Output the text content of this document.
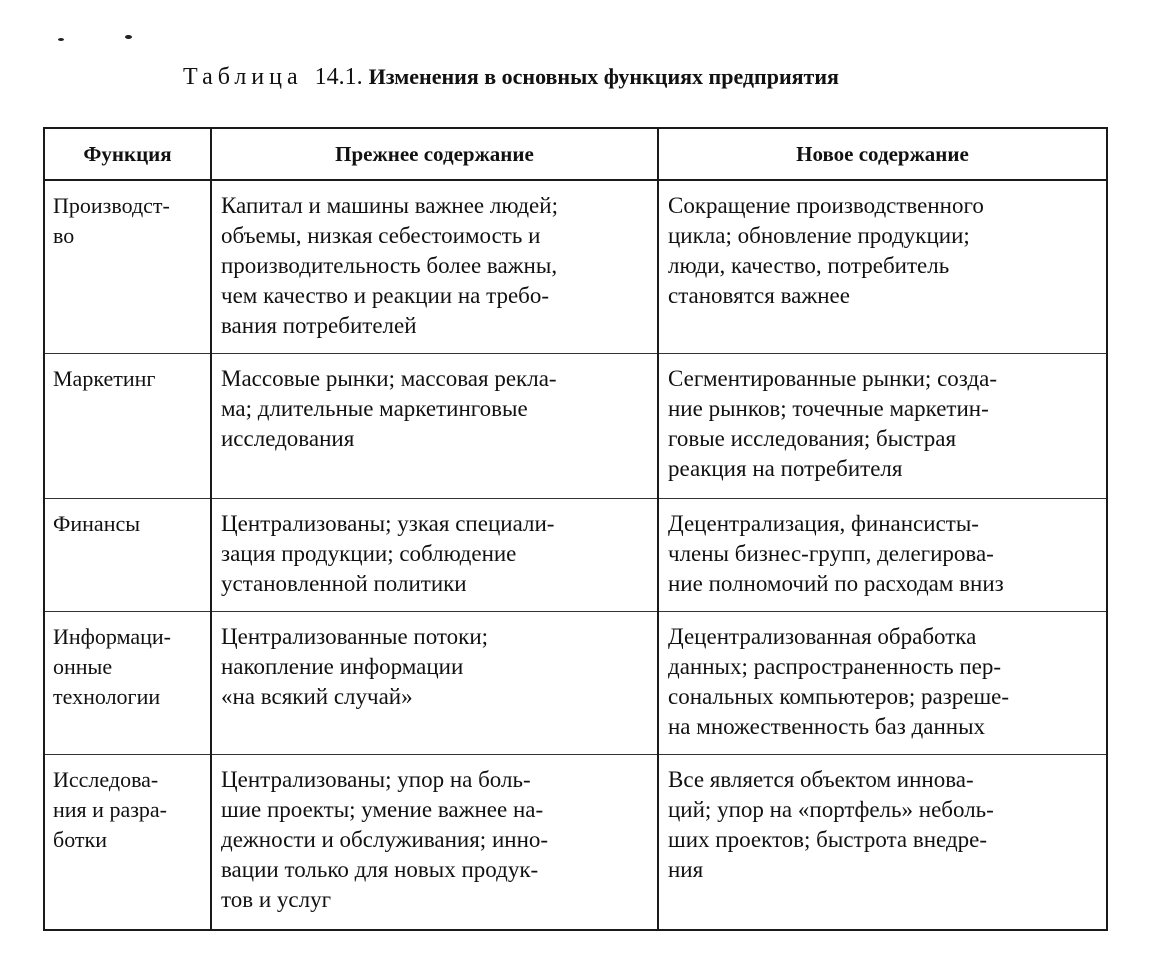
Таблица 14.1. Изменения в основных функциях предприятия
Функция	Прежнее содержание	Новое содержание

Производст-
во	Капитал и машины важнее людей;
объемы, низкая себестоимость и
производительность более важны,
чем качество и реакции на требо-
вания потребителей	Сокращение производственного
цикла; обновление продукции;
люди, качество, потребитель
становятся важнее

Маркетинг	Массовые рынки; массовая рекла-
ма; длительные маркетинговые
исследования	Сегментированные рынки; созда-
ние рынков; точечные маркетин-
говые исследования; быстрая
реакция на потребителя

Финансы	Централизованы; узкая специали-
зация продукции; соблюдение
установленной политики	Децентрализация, финансисты-
члены бизнес-групп, делегирова-
ние полномочий по расходам вниз

Информаци-
онные
технологии	Централизованные потоки;
накопление информации
«на всякий случай»	Децентрализованная обработка
данных; распространенность пер-
сональных компьютеров; разреше-
на множественность баз данных

Исследова-
ния и разра-
ботки	Централизованы; упор на боль-
шие проекты; умение важнее на-
дежности и обслуживания; инно-
вации только для новых продук-
тов и услуг	Все является объектом иннова-
ций; упор на «портфель» неболь-
ших проектов; быстрота внедре-
ния
